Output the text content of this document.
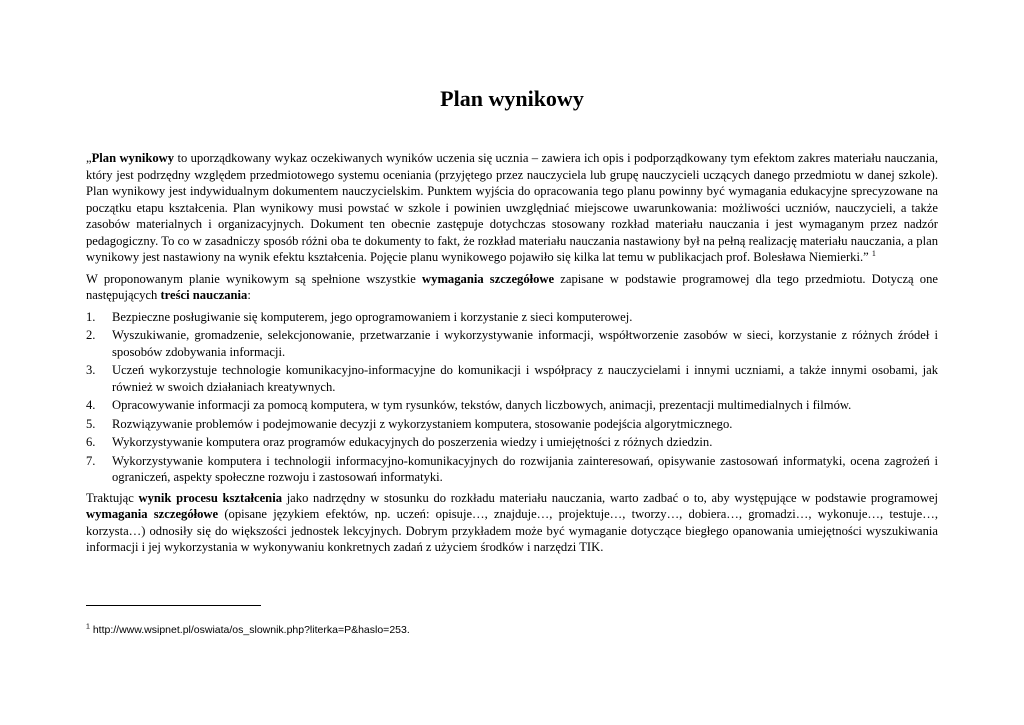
Plan wynikowy

„Plan wynikowy to uporządkowany wykaz oczekiwanych wyników uczenia się ucznia – zawiera ich opis i podporządkowany tym efektom zakres materiału nauczania, który jest podrzędny względem przedmiotowego systemu oceniania (przyjętego przez nauczyciela lub grupę nauczycieli uczących danego przedmiotu w danej szkole). Plan wynikowy jest indywidualnym dokumentem nauczycielskim. Punktem wyjścia do opracowania tego planu powinny być wymagania edukacyjne sprecyzowane na początku etapu kształcenia. Plan wynikowy musi powstać w szkole i powinien uwzględniać miejscowe uwarunkowania: możliwości uczniów, nauczycieli, a także zasobów materialnych i organizacyjnych. Dokument ten obecnie zastępuje dotychczas stosowany rozkład materiału nauczania i jest wymaganym przez nadzór pedagogiczny. To co w zasadniczy sposób różni oba te dokumenty to fakt, że rozkład materiału nauczania nastawiony był na pełną realizację materiału nauczania, a plan wynikowy jest nastawiony na wynik efektu kształcenia. Pojęcie planu wynikowego pojawiło się kilka lat temu w publikacjach prof. Bolesława Niemierki.” $^1$

W proponowanym planie wynikowym są spełnione wszystkie wymagania szczegółowe zapisane w podstawie programowej dla tego przedmiotu. Dotyczą one następujących treści nauczania:

1. Bezpieczne posługiwanie się komputerem, jego oprogramowaniem i korzystanie z sieci komputerowej.
2. Wyszukiwanie, gromadzenie, selekcjonowanie, przetwarzanie i wykorzystywanie informacji, współtworzenie zasobów w sieci, korzystanie z różnych źródeł i sposobów zdobywania informacji.
3. Uczeń wykorzystuje technologie komunikacyjno-informacyjne do komunikacji i współpracy z nauczycielami i innymi uczniami, a także innymi osobami, jak również w swoich działaniach kreatywnych.
4. Opracowywanie informacji za pomocą komputera, w tym rysunków, tekstów, danych liczbowych, animacji, prezentacji multimedialnych i filmów.
5. Rozwiązywanie problemów i podejmowanie decyzji z wykorzystaniem komputera, stosowanie podejścia algorytmicznego.
6. Wykorzystywanie komputera oraz programów edukacyjnych do poszerzenia wiedzy i umiejętności z różnych dziedzin.
7. Wykorzystywanie komputera i technologii informacyjno-komunikacyjnych do rozwijania zainteresowań, opisywanie zastosowań informatyki, ocena zagrożeń i ograniczeń, aspekty społeczne rozwoju i zastosowań informatyki.

Traktując wynik procesu kształcenia jako nadrzędny w stosunku do rozkładu materiału nauczania, warto zadbać o to, aby występujące w podstawie programowej wymagania szczegółowe (opisane językiem efektów, np. uczeń: opisuje…, znajduje…, projektuje…, tworzy…, dobiera…, gromadzi…, wykonuje…, testuje…, korzysta…) odnosiły się do większości jednostek lekcyjnych. Dobrym przykładem może być wymaganie dotyczące biegłego opanowania umiejętności wyszukiwania informacji i jej wykorzystania w wykonywaniu konkretnych zadań z użyciem środków i narzędzi TIK.

$^1$ http://www.wsipnet.pl/oswiata/os_slownik.php?literka=P&haslo=253.
